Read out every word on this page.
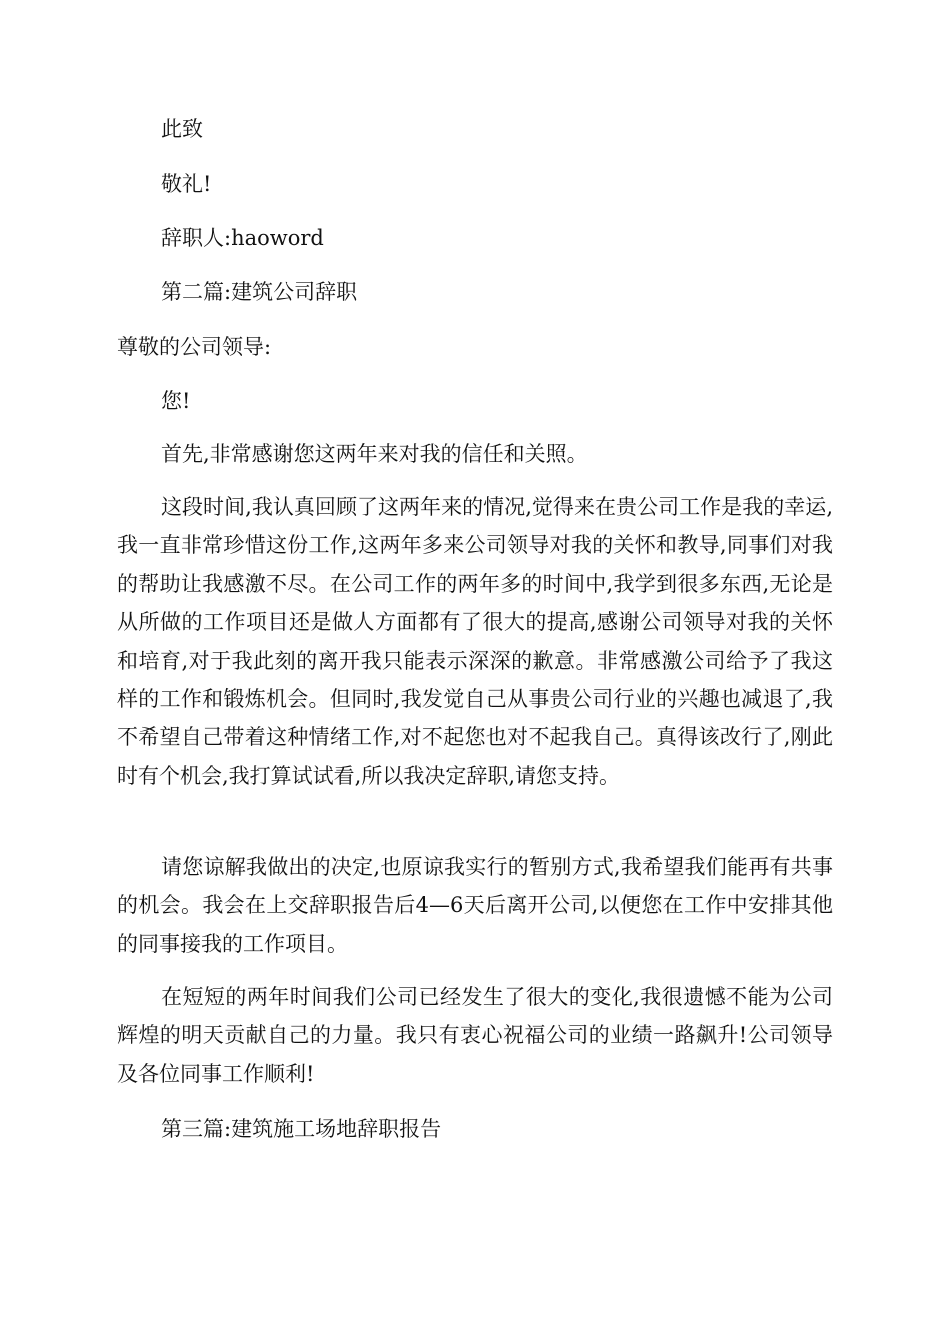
此致
敬礼!
辞职人:haoword
第二篇:建筑公司辞职
尊敬的公司领导:
您!
首先,非常感谢您这两年来对我的信任和关照。
这段时间,我认真回顾了这两年来的情况,觉得来在贵公司工作是我的幸运,我一直非常珍惜这份工作,这两年多来公司领导对我的关怀和教导,同事们对我的帮助让我感激不尽。在公司工作的两年多的时间中,我学到很多东西,无论是从所做的工作项目还是做人方面都有了很大的提高,感谢公司领导对我的关怀和培育,对于我此刻的离开我只能表示深深的歉意。非常感激公司给予了我这样的工作和锻炼机会。但同时,我发觉自己从事贵公司行业的兴趣也减退了,我不希望自己带着这种情绪工作,对不起您也对不起我自己。真得该改行了,刚此时有个机会,我打算试试看,所以我决定辞职,请您支持。
请您谅解我做出的决定,也原谅我实行的暂别方式,我希望我们能再有共事的机会。我会在上交辞职报告后4—6天后离开公司,以便您在工作中安排其他的同事接我的工作项目。
在短短的两年时间我们公司已经发生了很大的变化,我很遗憾不能为公司辉煌的明天贡献自己的力量。我只有衷心祝福公司的业绩一路飙升!公司领导及各位同事工作顺利!
第三篇:建筑施工场地辞职报告
